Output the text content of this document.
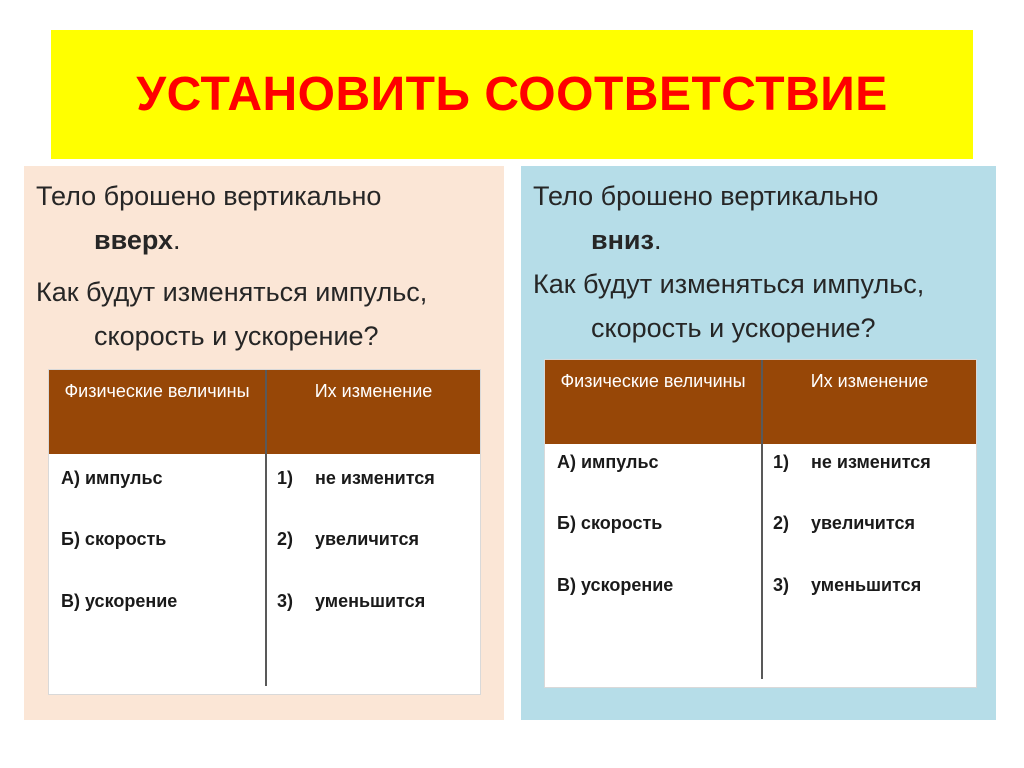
УСТАНОВИТЬ СООТВЕТСТВИЕ
Тело брошено вертикально
вверх.
Как будут изменяться импульс,
скорость и ускорение?
Физические величины	Их изменение
А) импульс
Б) скорость
В) ускорение
1) не изменится
2) увеличится
3) уменьшится
Тело брошено вертикально
вниз.
Как будут изменяться импульс,
скорость и ускорение?
Физические величины	Их изменение
А) импульс
Б) скорость
В) ускорение
1) не изменится
2) увеличится
3) уменьшится
